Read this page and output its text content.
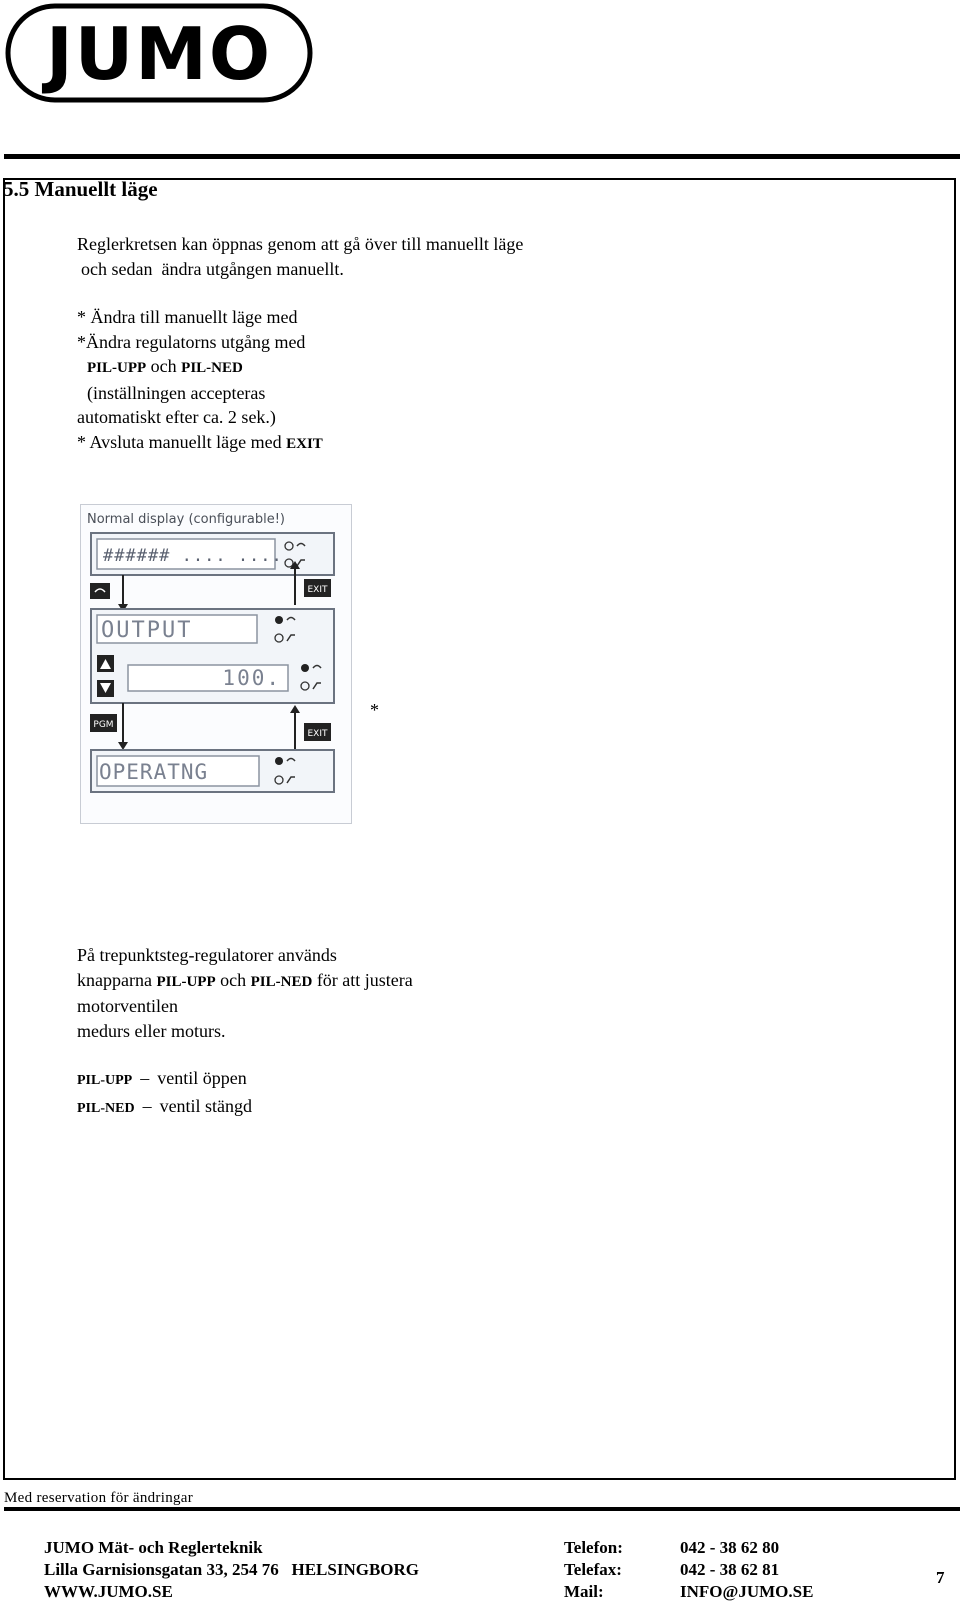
JUMO
5.5 Manuellt läge

Reglerkretsen kan öppnas genom att gå över till manuellt läge

och sedan  ändra utgången manuellt.

* Ändra till manuellt läge med

*Ändra regulatorns utgång med

PIL-UPP och PIL-NED

(inställningen accepteras

automatiskt efter ca. 2 sek.)

* Avsluta manuellt läge med EXIT

Normal display (configurable!)
###### .... ....
EXIT
OUTPUT
100.
PGM
EXIT
OPERATNG
*

På trepunktsteg-regulatorer används

knapparna PIL-UPP och PIL-NED för att justera

motorventilen

medurs eller moturs.

PIL-UPP – ventil öppen

PIL-NED – ventil stängd

Med reservation för ändringar

JUMO Mät- och Reglerteknik

Lilla Garnisionsgatan 33, 254 76   HELSINGBORG

WWW.JUMO.SE

Telefon:

Telefax:

Mail:

042 - 38 62 80

042 - 38 62 81

INFO@JUMO.SE

7
